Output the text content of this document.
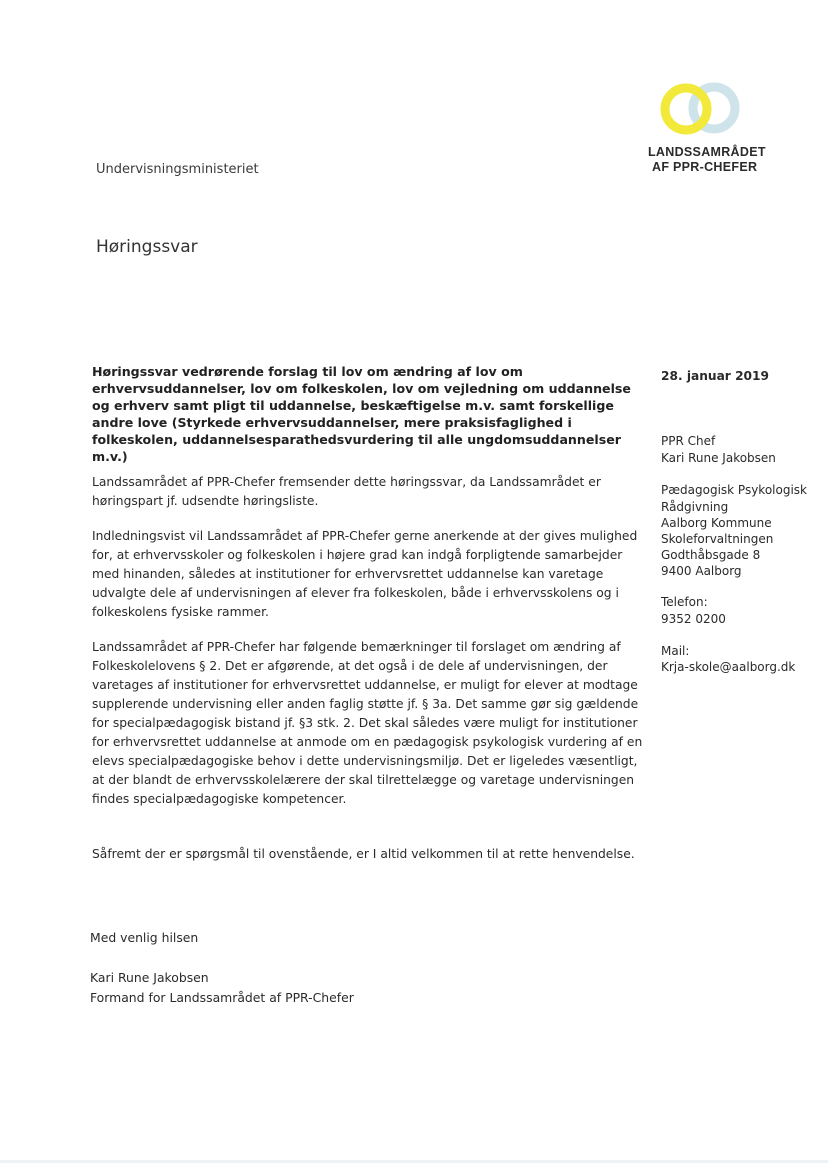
LANDSSAMRÅDET
AF PPR-CHEFER
Undervisningsministeriet
Høringssvar
Høringssvar vedrørende forslag til lov om ændring af lov om erhvervsuddannelser, lov om folkeskolen, lov om vejledning om uddannelse og erhverv samt pligt til uddannelse, beskæftigelse m.v. samt forskellige andre love (Styrkede erhvervsuddannelser, mere praksisfaglighed i folkeskolen, uddannelsesparathedsvurdering til alle ungdomsuddannelser m.v.)
Landssamrådet af PPR-Chefer fremsender dette høringssvar, da Landssamrådet er høringspart jf. udsendte høringsliste.
Indledningsvist vil Landssamrådet af PPR-Chefer gerne anerkende at der gives mulighed for, at erhvervsskoler og folkeskolen i højere grad kan indgå forpligtende samarbejder med hinanden, således at institutioner for erhvervsrettet uddannelse kan varetage udvalgte dele af undervisningen af elever fra folkeskolen, både i erhvervsskolens og i folkeskolens fysiske rammer.
Landssamrådet af PPR-Chefer har følgende bemærkninger til forslaget om ændring af Folkeskolelovens § 2. Det er afgørende, at det også i de dele af undervisningen, der varetages af institutioner for erhvervsrettet uddannelse, er muligt for elever at modtage supplerende undervisning eller anden faglig støtte jf. § 3a. Det samme gør sig gældende for specialpædagogisk bistand jf. §3 stk. 2. Det skal således være muligt for institutioner for erhvervsrettet uddannelse at anmode om en pædagogisk psykologisk vurdering af en elevs specialpædagogiske behov i dette undervisningsmiljø. Det er ligeledes væsentligt, at der blandt de erhvervsskolelærere der skal tilrettelægge og varetage undervisningen findes specialpædagogiske kompetencer.
Såfremt der er spørgsmål til ovenstående, er I altid velkommen til at rette henvendelse.
28. januar 2019
PPR Chef
Kari Rune Jakobsen
Pædagogisk Psykologisk
Rådgivning
Aalborg Kommune
Skoleforvaltningen
Godthåbsgade 8
9400 Aalborg
Telefon:
9352 0200
Mail:
Krja-skole@aalborg.dk
Med venlig hilsen
Kari Rune Jakobsen
Formand for Landssamrådet af PPR-Chefer
